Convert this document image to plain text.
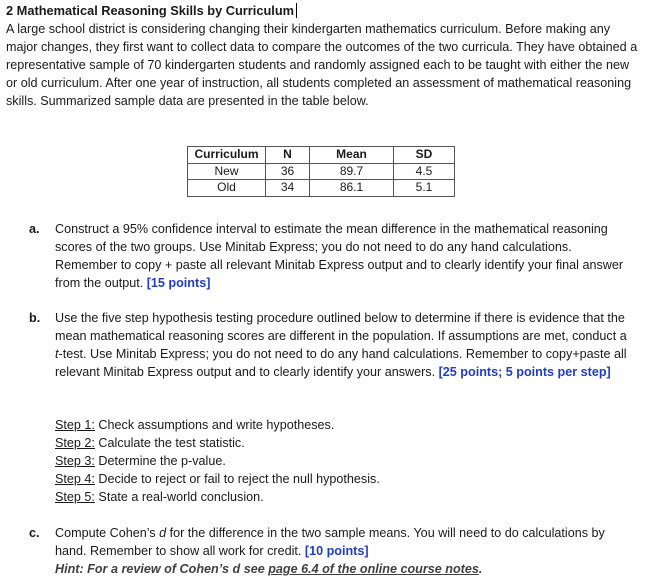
2 Mathematical Reasoning Skills by Curriculum
A large school district is considering changing their kindergarten mathematics curriculum. Before making any major changes, they first want to collect data to compare the outcomes of the two curricula. They have obtained a representative sample of 70 kindergarten students and randomly assigned each to be taught with either the new or old curriculum. After one year of instruction, all students completed an assessment of mathematical reasoning skills. Summarized sample data are presented in the table below.
Curriculum	N	Mean	SD
New	36	89.7	4.5
Old	34	86.1	5.1
a. Construct a 95% confidence interval to estimate the mean difference in the mathematical reasoning scores of the two groups. Use Minitab Express; you do not need to do any hand calculations. Remember to copy + paste all relevant Minitab Express output and to clearly identify your final answer from the output. [15 points]
b. Use the five step hypothesis testing procedure outlined below to determine if there is evidence that the mean mathematical reasoning scores are different in the population. If assumptions are met, conduct a t-test. Use Minitab Express; you do not need to do any hand calculations. Remember to copy+paste all relevant Minitab Express output and to clearly identify your answers. [25 points; 5 points per step]
Step 1: Check assumptions and write hypotheses.
Step 2: Calculate the test statistic.
Step 3: Determine the p-value.
Step 4: Decide to reject or fail to reject the null hypothesis.
Step 5: State a real-world conclusion.
c. Compute Cohen’s d for the difference in the two sample means. You will need to do calculations by hand. Remember to show all work for credit. [10 points]
Hint: For a review of Cohen’s d see page 6.4 of the online course notes.
